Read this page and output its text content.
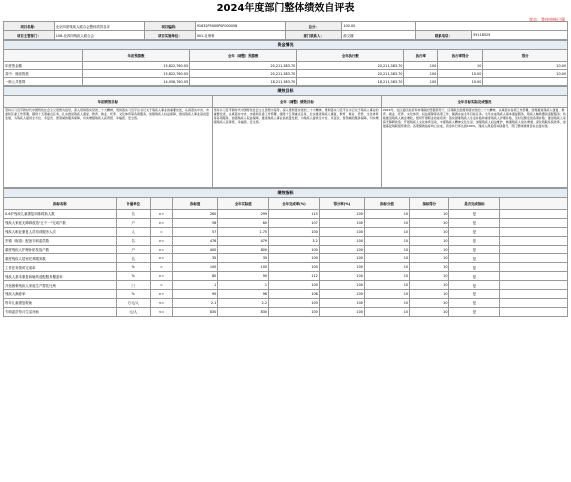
2024年度部门整体绩效自评表
状态：等待审核已阅
项目名称：	北京四宽残疾人联合会整体绩效自评	项目编码：	91632P5000P0F000058	总分：	100.00		
项目主管部门：	106-北四四残疾人联合会	项目实施单位：	001-社保科	部门联系人：	薛文娜	联系电话：	55118525
资金情况						
	年初预算数	全年（调整）预算数	全年执行数	执行率	执行率得分	得分
年度资金额	15,822,760.05	20,211,383.70	20,211,383.70	100	10	10.00
其中：财政拨款	15,822,760.05	20,211,383.70	20,211,383.70	100	10.00	10.00
一般公共预算	14,056,760.05	18,211,383.70	18,211,383.70	100	10.00	
绩效目标		
年初绩效目标	全年（调整）绩效目标	全年目标实际完成情况
坚持以习近平新时代中国特色社会主义思想为指导，深入贯彻落实党的二十大精神，贯彻落实习近平总书记关于残疾人事业的重要论述，认真落实中央、市委和区委工作部署，围绕十五项重点任务，扎实推进残疾人康复、教育、就业、托养、文化体育等各项服务，加强残疾人权益保障，推进残疾人事业高质量发展，为残疾人提供全方位、多层次、宽领域的服务保障，切实增强残疾人获得感、幸福感、安全感。	坚持以习近平新时代中国特色社会主义思想为指导，深入贯彻落实党的二十大精神，贯彻落实习近平总书记关于残疾人事业的重要论述，认真落实中央、市委和区委工作部署，围绕十五项重点任务，扎实推进残疾人康复、教育、就业、托养、文化体育等各项服务，加强残疾人权益保障，推进残疾人事业高质量发展，为残疾人提供全方位、多层次、宽领域的服务保障，切实增强残疾人获得感、幸福感、安全感。	2024年，在区委区政府和市残联的坚强领导下，区残联全面贯彻落实党的二十大精神，认真落实各项工作部署，统筹推进残疾人康复、教育、就业、托养、文化体育、权益保障等各项工作，圆满完成全年目标任务。全年完成残疾人基本康复服务，残疾人辅助器具适配服务；持续推进残疾人就业增收，组织开展职业技能培训；落实困难残疾人生活补贴和重度残疾人护理补贴，及时足额发放各项补贴；推进残疾人家庭无障碍改造；开展残疾人文化体育活动，丰富残疾人精神文化生活；加强残疾人权益维护，畅通残疾人信访渠道；深化残联系统改革，加强基层残联组织建设。各项绩效指标均已完成，资金执行率达到100%，残疾人满意度持续提升，部门整体绩效目标全面实现。
绩效指标										
指标名称	计量单位		指标值	全年实际值	全年完成率(%)	得分率(%)	指标分值	指标得分	是否完成指标	
0-6岁残疾儿童康复训练救助人数	名	>=	260	299	115	100	10	10	是	
残疾人家庭无障碍改造"五个一"完成户数	户	>=	56	60	107	100	10	10	是	
残疾人职业康复人员培训服务人次	人	=	57	1.75	100	100	10	10	是	
乡镇（街道）配备专职委员数	名	>=	476	479	3.2	100	10	10	是	
重度残疾人护理补贴发放户数	户	>=	400	800	100	100	10	10	是	
重度残疾人居家托养服务数	名	>=	35	35	100	100	10	10	是	
工作任务按时完成率	%	=	100	100	100	100	10	10	是	
残疾人基本康复和辅具适配服务覆盖率	%	>=	80	90	112	100	10	10	是	
开拓困难残疾人家庭生产帮扶比例	门	=	1	1	100	100	10	10	是	
残疾人满意率	%	>=	90	96	106	100	10	10	是	
每年儿童康复救助	万元/人	<=	2.1	2.2	100	100	10	10	是	
专职委员每月生活补助	元/人	<=	830	830	100	100	10	10	是	
